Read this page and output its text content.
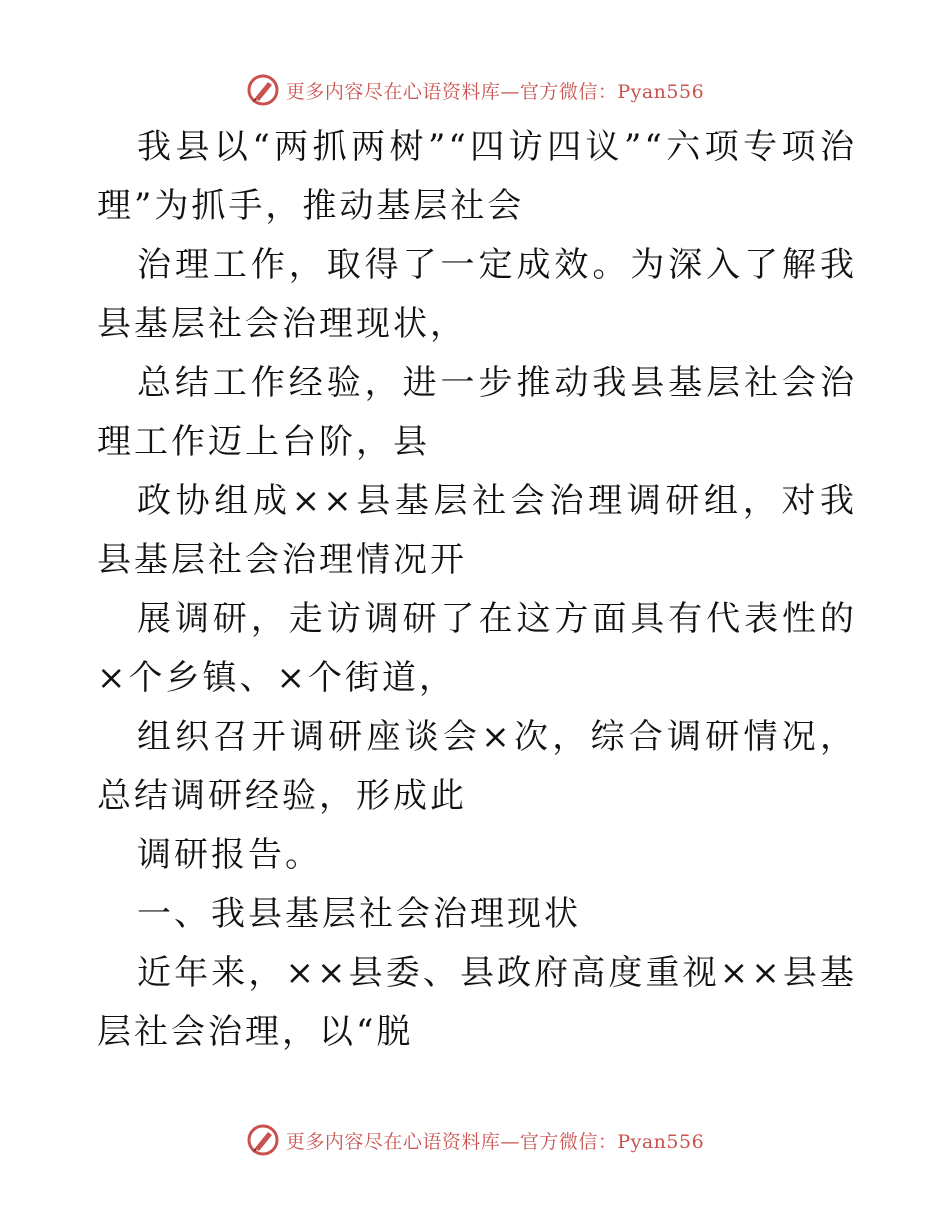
更多内容尽在心语资料库—官方微信：Pyan556

我县以“两抓两树”“四访四议”“六项专项治理”为抓手，推动基层社会

治理工作，取得了一定成效。为深入了解我县基层社会治理现状，

总结工作经验，进一步推动我县基层社会治理工作迈上台阶，县

政协组成××县基层社会治理调研组，对我县基层社会治理情况开

展调研，走访调研了在这方面具有代表性的×个乡镇、×个街道，

组织召开调研座谈会×次，综合调研情况，总结调研经验，形成此

调研报告。

一、我县基层社会治理现状

近年来，××县委、县政府高度重视××县基层社会治理，以“脱

更多内容尽在心语资料库—官方微信：Pyan556
